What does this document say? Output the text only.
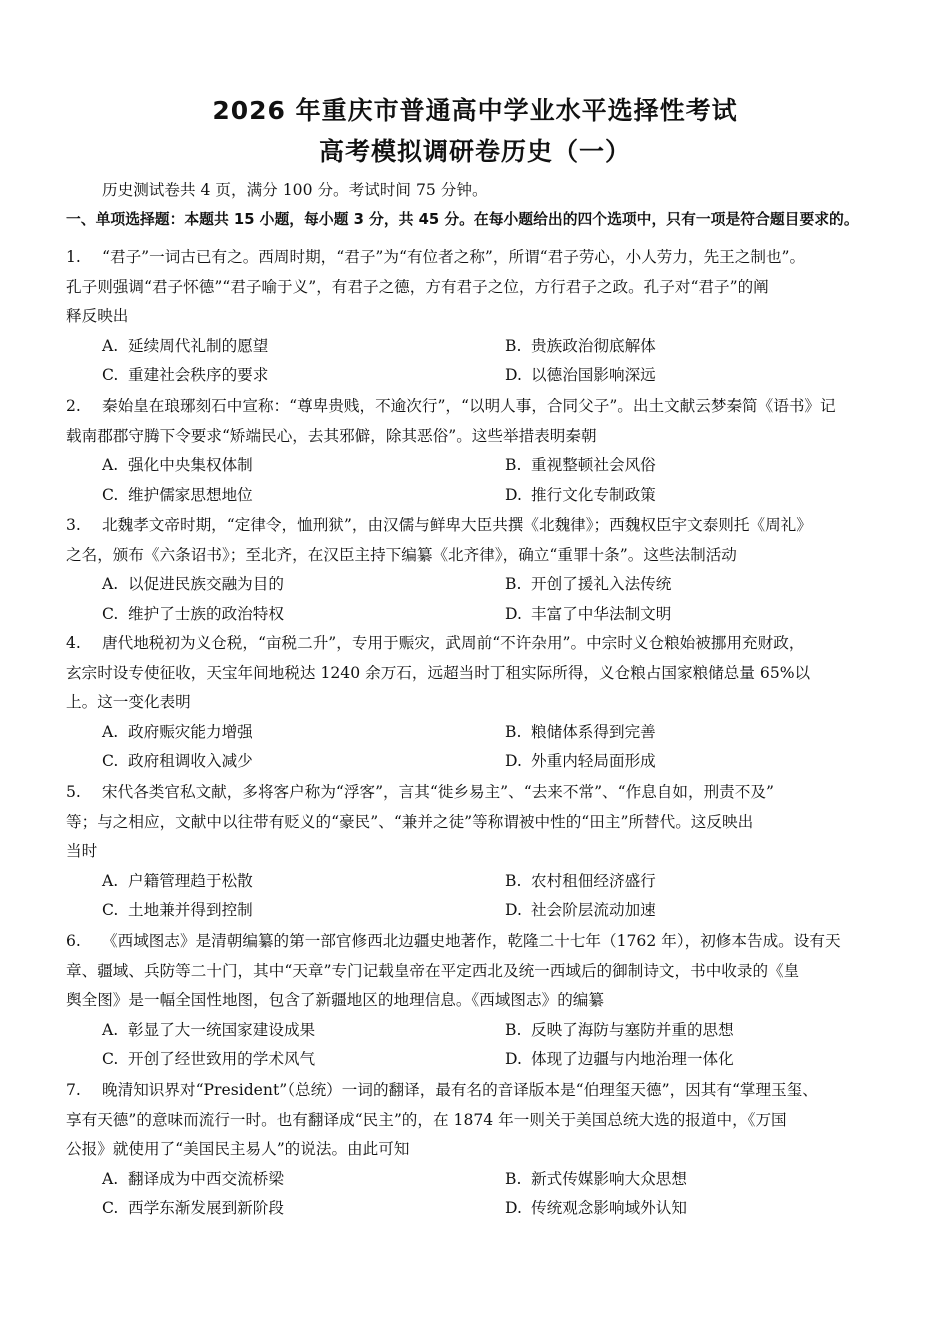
2026 年重庆市普通高中学业水平选择性考试
高考模拟调研卷历史（一）
历史测试卷共 4 页，满分 100 分。考试时间 75 分钟。
一、单项选择题：本题共 15 小题，每小题 3 分，共 45 分。在每小题给出的四个选项中，只有一项是符合题目要求的。
1. “君子”一词古已有之。西周时期，“君子”为“有位者之称”，所谓“君子劳心，小人劳力，先王之制也”。
孔子则强调“君子怀德”“君子喻于义”，有君子之德，方有君子之位，方行君子之政。孔子对“君子”的阐
释反映出
A. 延续周代礼制的愿望	B. 贵族政治彻底解体
C. 重建社会秩序的要求	D. 以德治国影响深远
2. 秦始皇在琅琊刻石中宣称：“尊卑贵贱，不逾次行”，“以明人事，合同父子”。出土文献云梦秦简《语书》记
载南郡郡守腾下令要求“矫端民心，去其邪僻，除其恶俗”。这些举措表明秦朝
A. 强化中央集权体制	B. 重视整顿社会风俗
C. 维护儒家思想地位	D. 推行文化专制政策
3. 北魏孝文帝时期，“定律令，恤刑狱”，由汉儒与鲜卑大臣共撰《北魏律》；西魏权臣宇文泰则托《周礼》
之名，颁布《六条诏书》；至北齐，在汉臣主持下编纂《北齐律》，确立“重罪十条”。这些法制活动
A. 以促进民族交融为目的	B. 开创了援礼入法传统
C. 维护了士族的政治特权	D. 丰富了中华法制文明
4. 唐代地税初为义仓税，“亩税二升”，专用于赈灾，武周前“不许杂用”。中宗时义仓粮始被挪用充财政，
玄宗时设专使征收，天宝年间地税达 1240 余万石，远超当时丁租实际所得，义仓粮占国家粮储总量 65%以
上。这一变化表明
A. 政府赈灾能力增强	B. 粮储体系得到完善
C. 政府租调收入减少	D. 外重内轻局面形成
5. 宋代各类官私文献，多将客户称为“浮客”，言其“徙乡易主”、“去来不常”、“作息自如，刑责不及”
等；与之相应，文献中以往带有贬义的“豪民”、“兼并之徒”等称谓被中性的“田主”所替代。这反映出
当时
A. 户籍管理趋于松散	B. 农村租佃经济盛行
C. 土地兼并得到控制	D. 社会阶层流动加速
6. 《西域图志》是清朝编纂的第一部官修西北边疆史地著作，乾隆二十七年（1762 年），初修本告成。设有天
章、疆域、兵防等二十门，其中“天章”专门记载皇帝在平定西北及统一西域后的御制诗文，书中收录的《皇
舆全图》是一幅全国性地图，包含了新疆地区的地理信息。《西域图志》的编纂
A. 彰显了大一统国家建设成果	B. 反映了海防与塞防并重的思想
C. 开创了经世致用的学术风气	D. 体现了边疆与内地治理一体化
7. 晚清知识界对“President”（总统）一词的翻译，最有名的音译版本是“伯理玺天德”，因其有“掌理玉玺、
享有天德”的意味而流行一时。也有翻译成“民主”的，在 1874 年一则关于美国总统大选的报道中，《万国
公报》就使用了“美国民主易人”的说法。由此可知
A. 翻译成为中西交流桥梁	B. 新式传媒影响大众思想
C. 西学东渐发展到新阶段	D. 传统观念影响域外认知
